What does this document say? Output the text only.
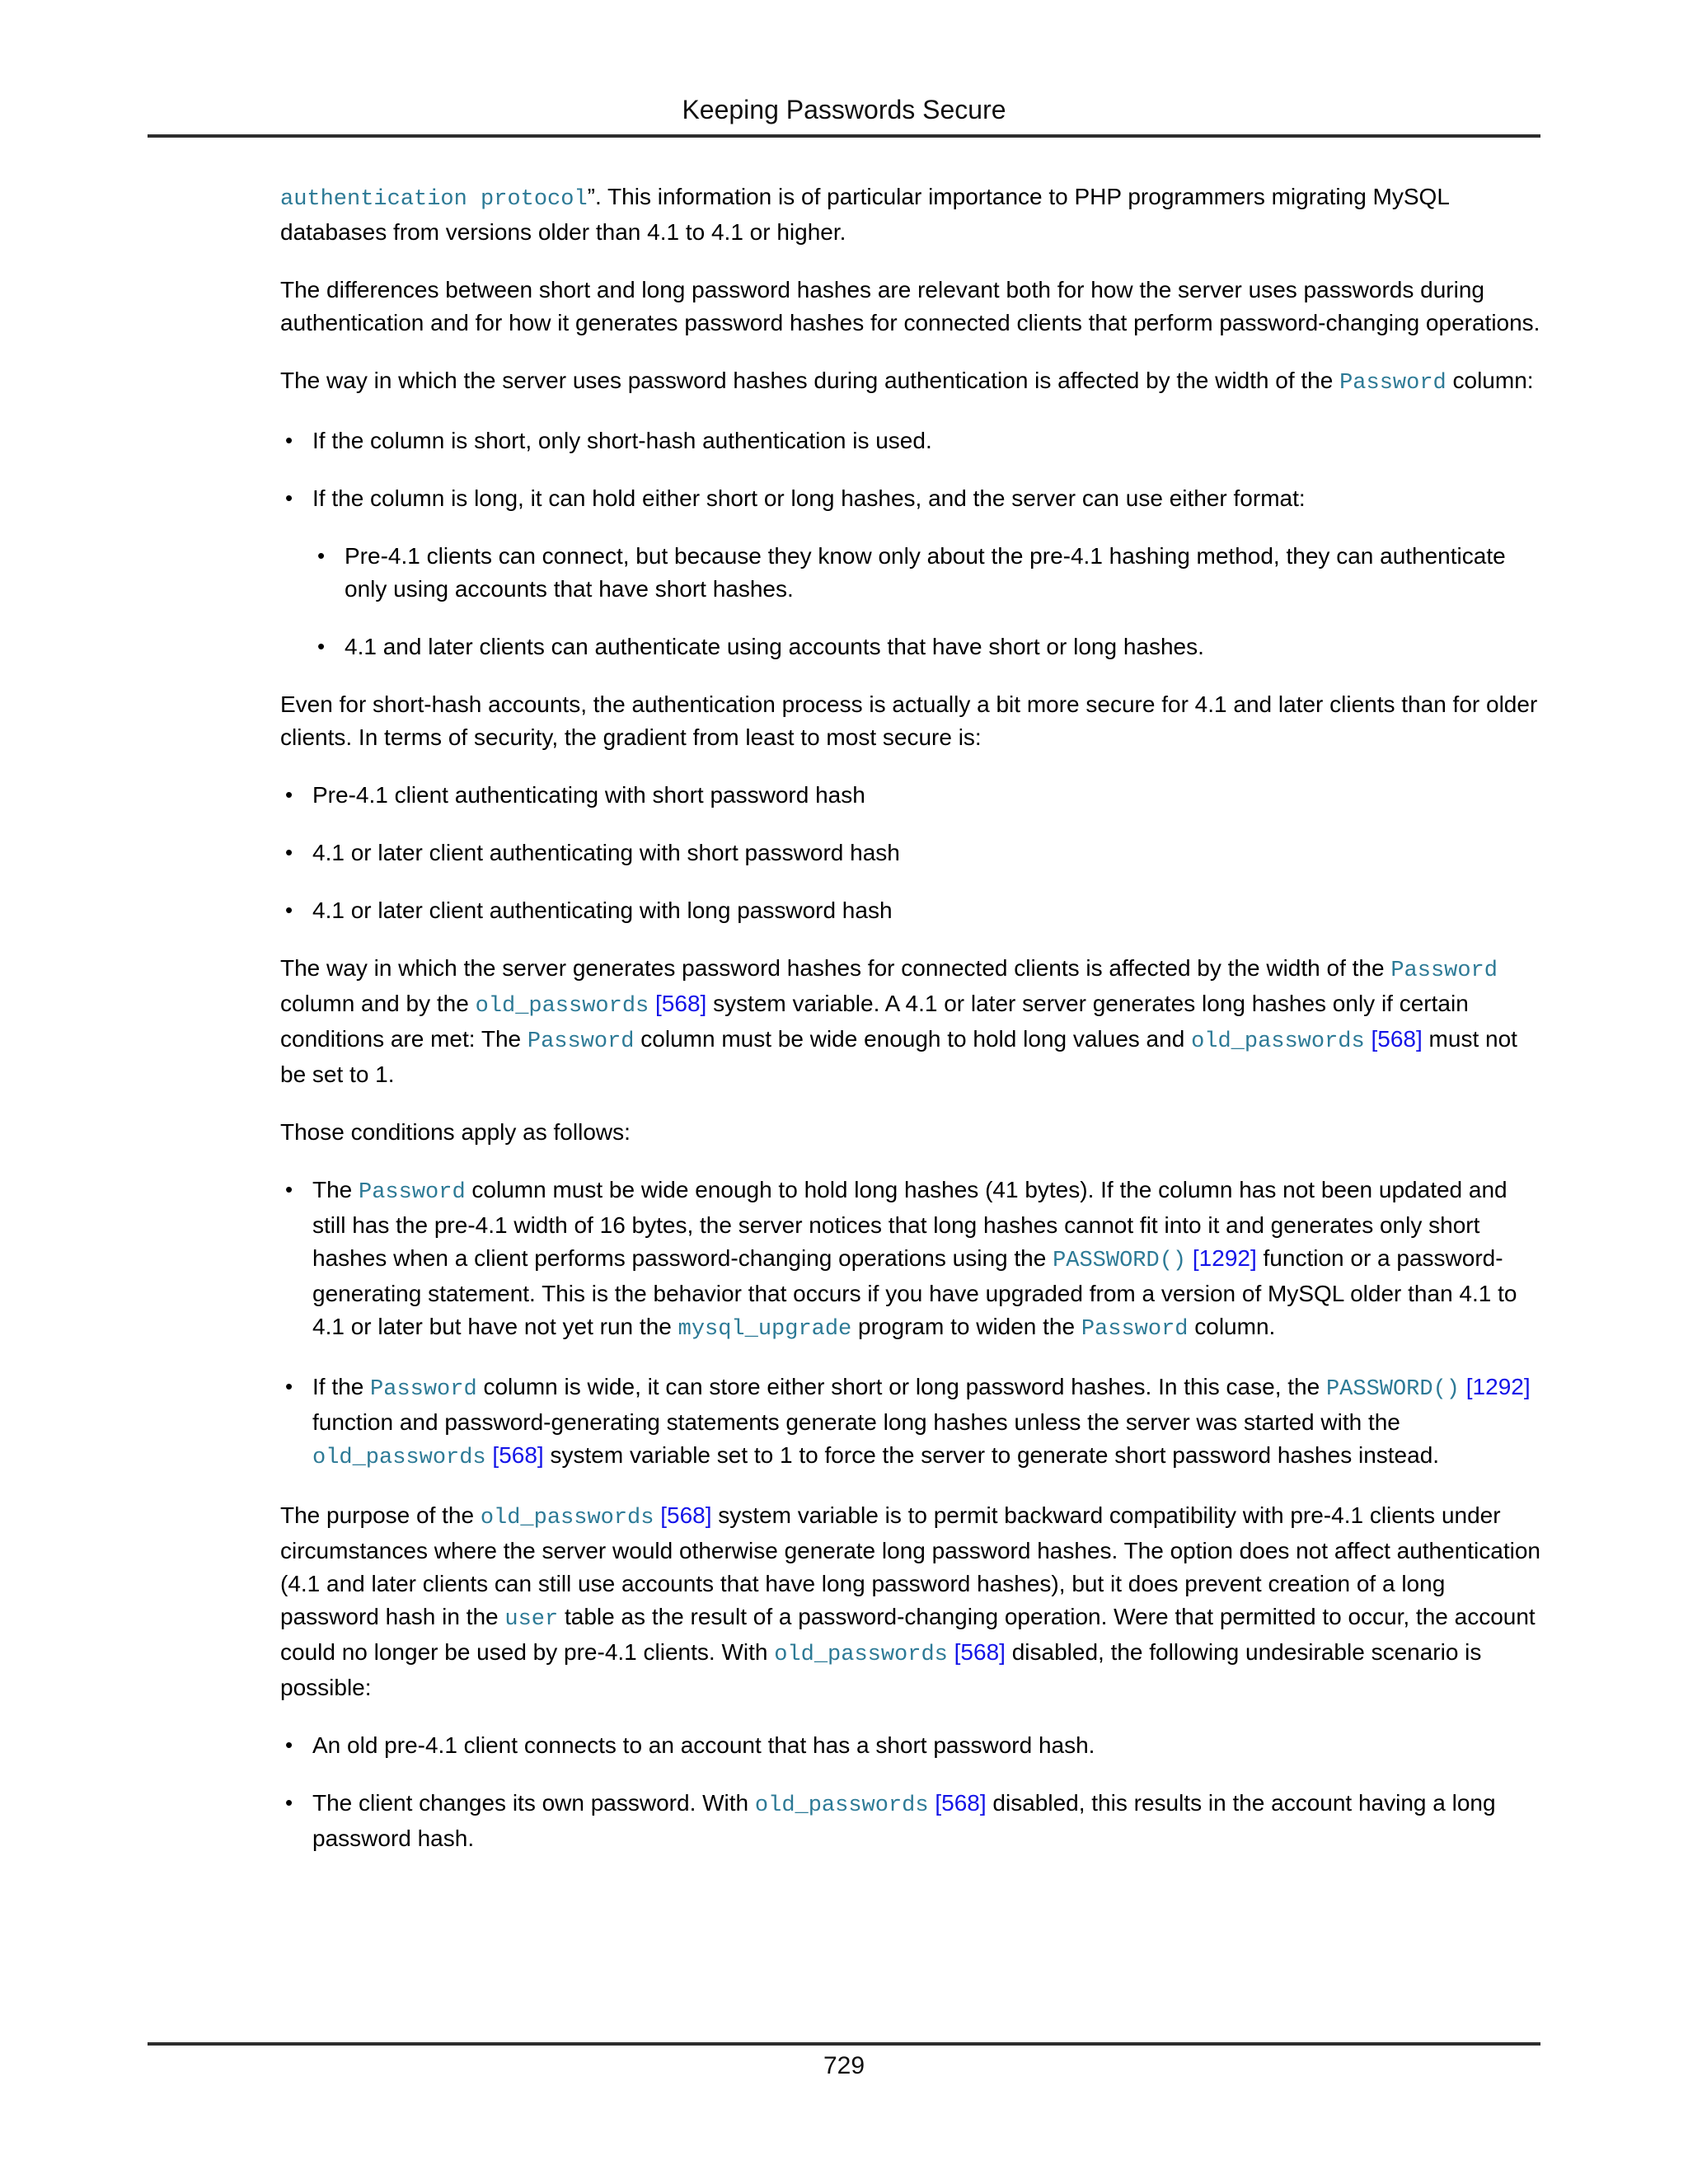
Keeping Passwords Secure

authentication protocol”. This information is of particular importance to PHP programmers migrating MySQL databases from versions older than 4.1 to 4.1 or higher.

The differences between short and long password hashes are relevant both for how the server uses passwords during authentication and for how it generates password hashes for connected clients that perform password-changing operations.

The way in which the server uses password hashes during authentication is affected by the width of the Password column:

• If the column is short, only short-hash authentication is used.
• If the column is long, it can hold either short or long hashes, and the server can use either format:
• Pre-4.1 clients can connect, but because they know only about the pre-4.1 hashing method, they can authenticate only using accounts that have short hashes.
• 4.1 and later clients can authenticate using accounts that have short or long hashes.

Even for short-hash accounts, the authentication process is actually a bit more secure for 4.1 and later clients than for older clients. In terms of security, the gradient from least to most secure is:

• Pre-4.1 client authenticating with short password hash
• 4.1 or later client authenticating with short password hash
• 4.1 or later client authenticating with long password hash

The way in which the server generates password hashes for connected clients is affected by the width of the Password column and by the old_passwords [568] system variable. A 4.1 or later server generates long hashes only if certain conditions are met: The Password column must be wide enough to hold long values and old_passwords [568] must not be set to 1.

Those conditions apply as follows:

• The Password column must be wide enough to hold long hashes (41 bytes). If the column has not been updated and still has the pre-4.1 width of 16 bytes, the server notices that long hashes cannot fit into it and generates only short hashes when a client performs password-changing operations using the PASSWORD() [1292] function or a password-generating statement. This is the behavior that occurs if you have upgraded from a version of MySQL older than 4.1 to 4.1 or later but have not yet run the mysql_upgrade program to widen the Password column.
• If the Password column is wide, it can store either short or long password hashes. In this case, the PASSWORD() [1292] function and password-generating statements generate long hashes unless the server was started with the old_passwords [568] system variable set to 1 to force the server to generate short password hashes instead.

The purpose of the old_passwords [568] system variable is to permit backward compatibility with pre-4.1 clients under circumstances where the server would otherwise generate long password hashes. The option does not affect authentication (4.1 and later clients can still use accounts that have long password hashes), but it does prevent creation of a long password hash in the user table as the result of a password-changing operation. Were that permitted to occur, the account could no longer be used by pre-4.1 clients. With old_passwords [568] disabled, the following undesirable scenario is possible:

• An old pre-4.1 client connects to an account that has a short password hash.
• The client changes its own password. With old_passwords [568] disabled, this results in the account having a long password hash.
729
